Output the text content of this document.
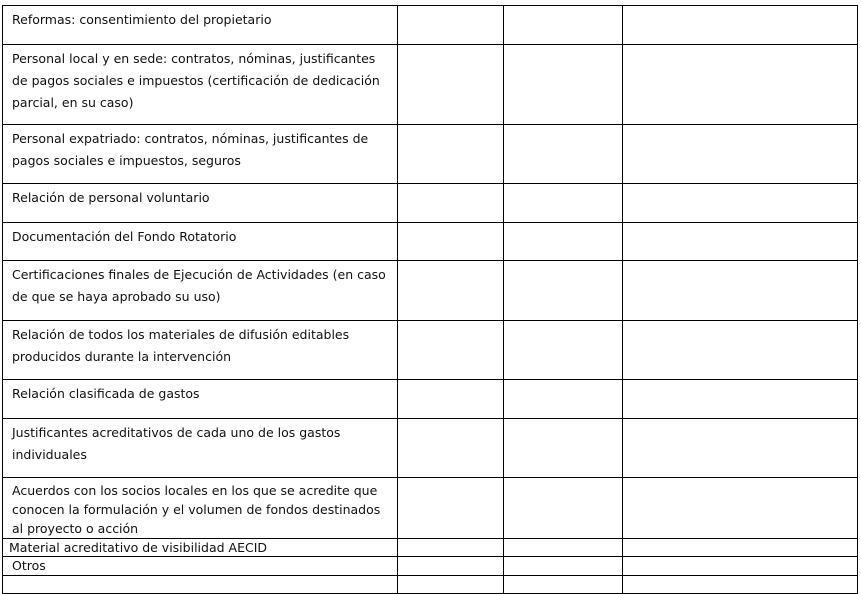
Reformas: consentimiento del propietario			

Personal local y en sede: contratos, nóminas, justificantes de pagos sociales e impuestos (certificación de dedicación parcial, en su caso)			

Personal expatriado: contratos, nóminas, justificantes de pagos sociales e impuestos, seguros			

Relación de personal voluntario			

Documentación del Fondo Rotatorio			

Certificaciones finales de Ejecución de Actividades (en caso de que se haya aprobado su uso)			

Relación de todos los materiales de difusión editables producidos durante la intervención			

Relación clasificada de gastos			

Justificantes acreditativos de cada uno de los gastos individuales			

Acuerdos con los socios locales en los que se acredite que conocen la formulación y el volumen de fondos destinados al proyecto o acción			

Material acreditativo de visibilidad AECID			

Otros			
